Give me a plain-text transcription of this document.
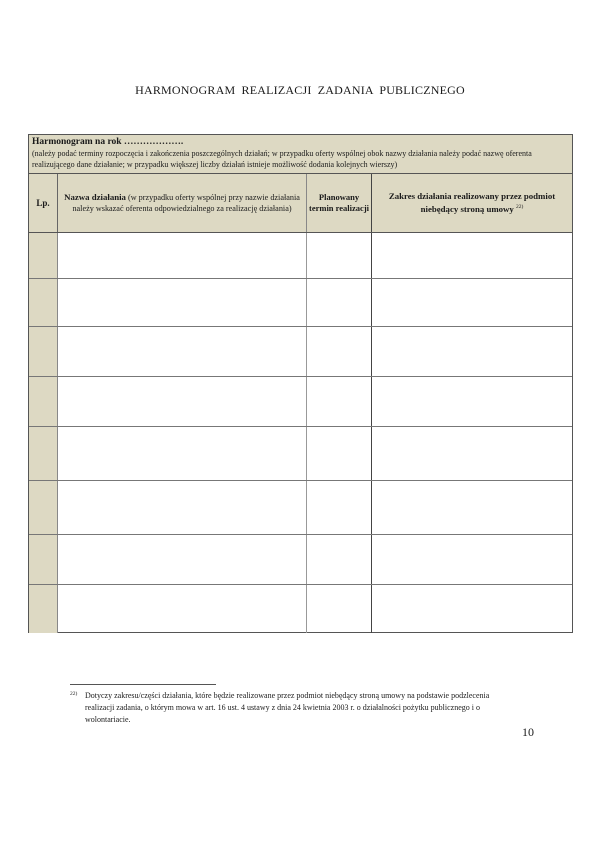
HARMONOGRAM REALIZACJI ZADANIA PUBLICZNEGO
Harmonogram na rok ……………….
(należy podać terminy rozpoczęcia i zakończenia poszczególnych działań; w przypadku oferty wspólnej obok nazwy działania należy podać nazwę oferenta realizującego dane działanie; w przypadku większej liczby działań istnieje możliwość dodania kolejnych wierszy)
Lp.
Nazwa działania (w przypadku oferty wspólnej przy nazwie działania należy wskazać oferenta odpowiedzialnego za realizację działania)
Planowany termin realizacji
Zakres działania realizowany przez podmiot niebędący stroną umowy $^{22)}$
22) Dotyczy zakresu/części działania, które będzie realizowane przez podmiot niebędący stroną umowy na podstawie podzlecenia realizacji zadania, o którym mowa w art. 16 ust. 4 ustawy z dnia 24 kwietnia 2003 r. o działalności pożytku publicznego i o wolontariacie.
10
